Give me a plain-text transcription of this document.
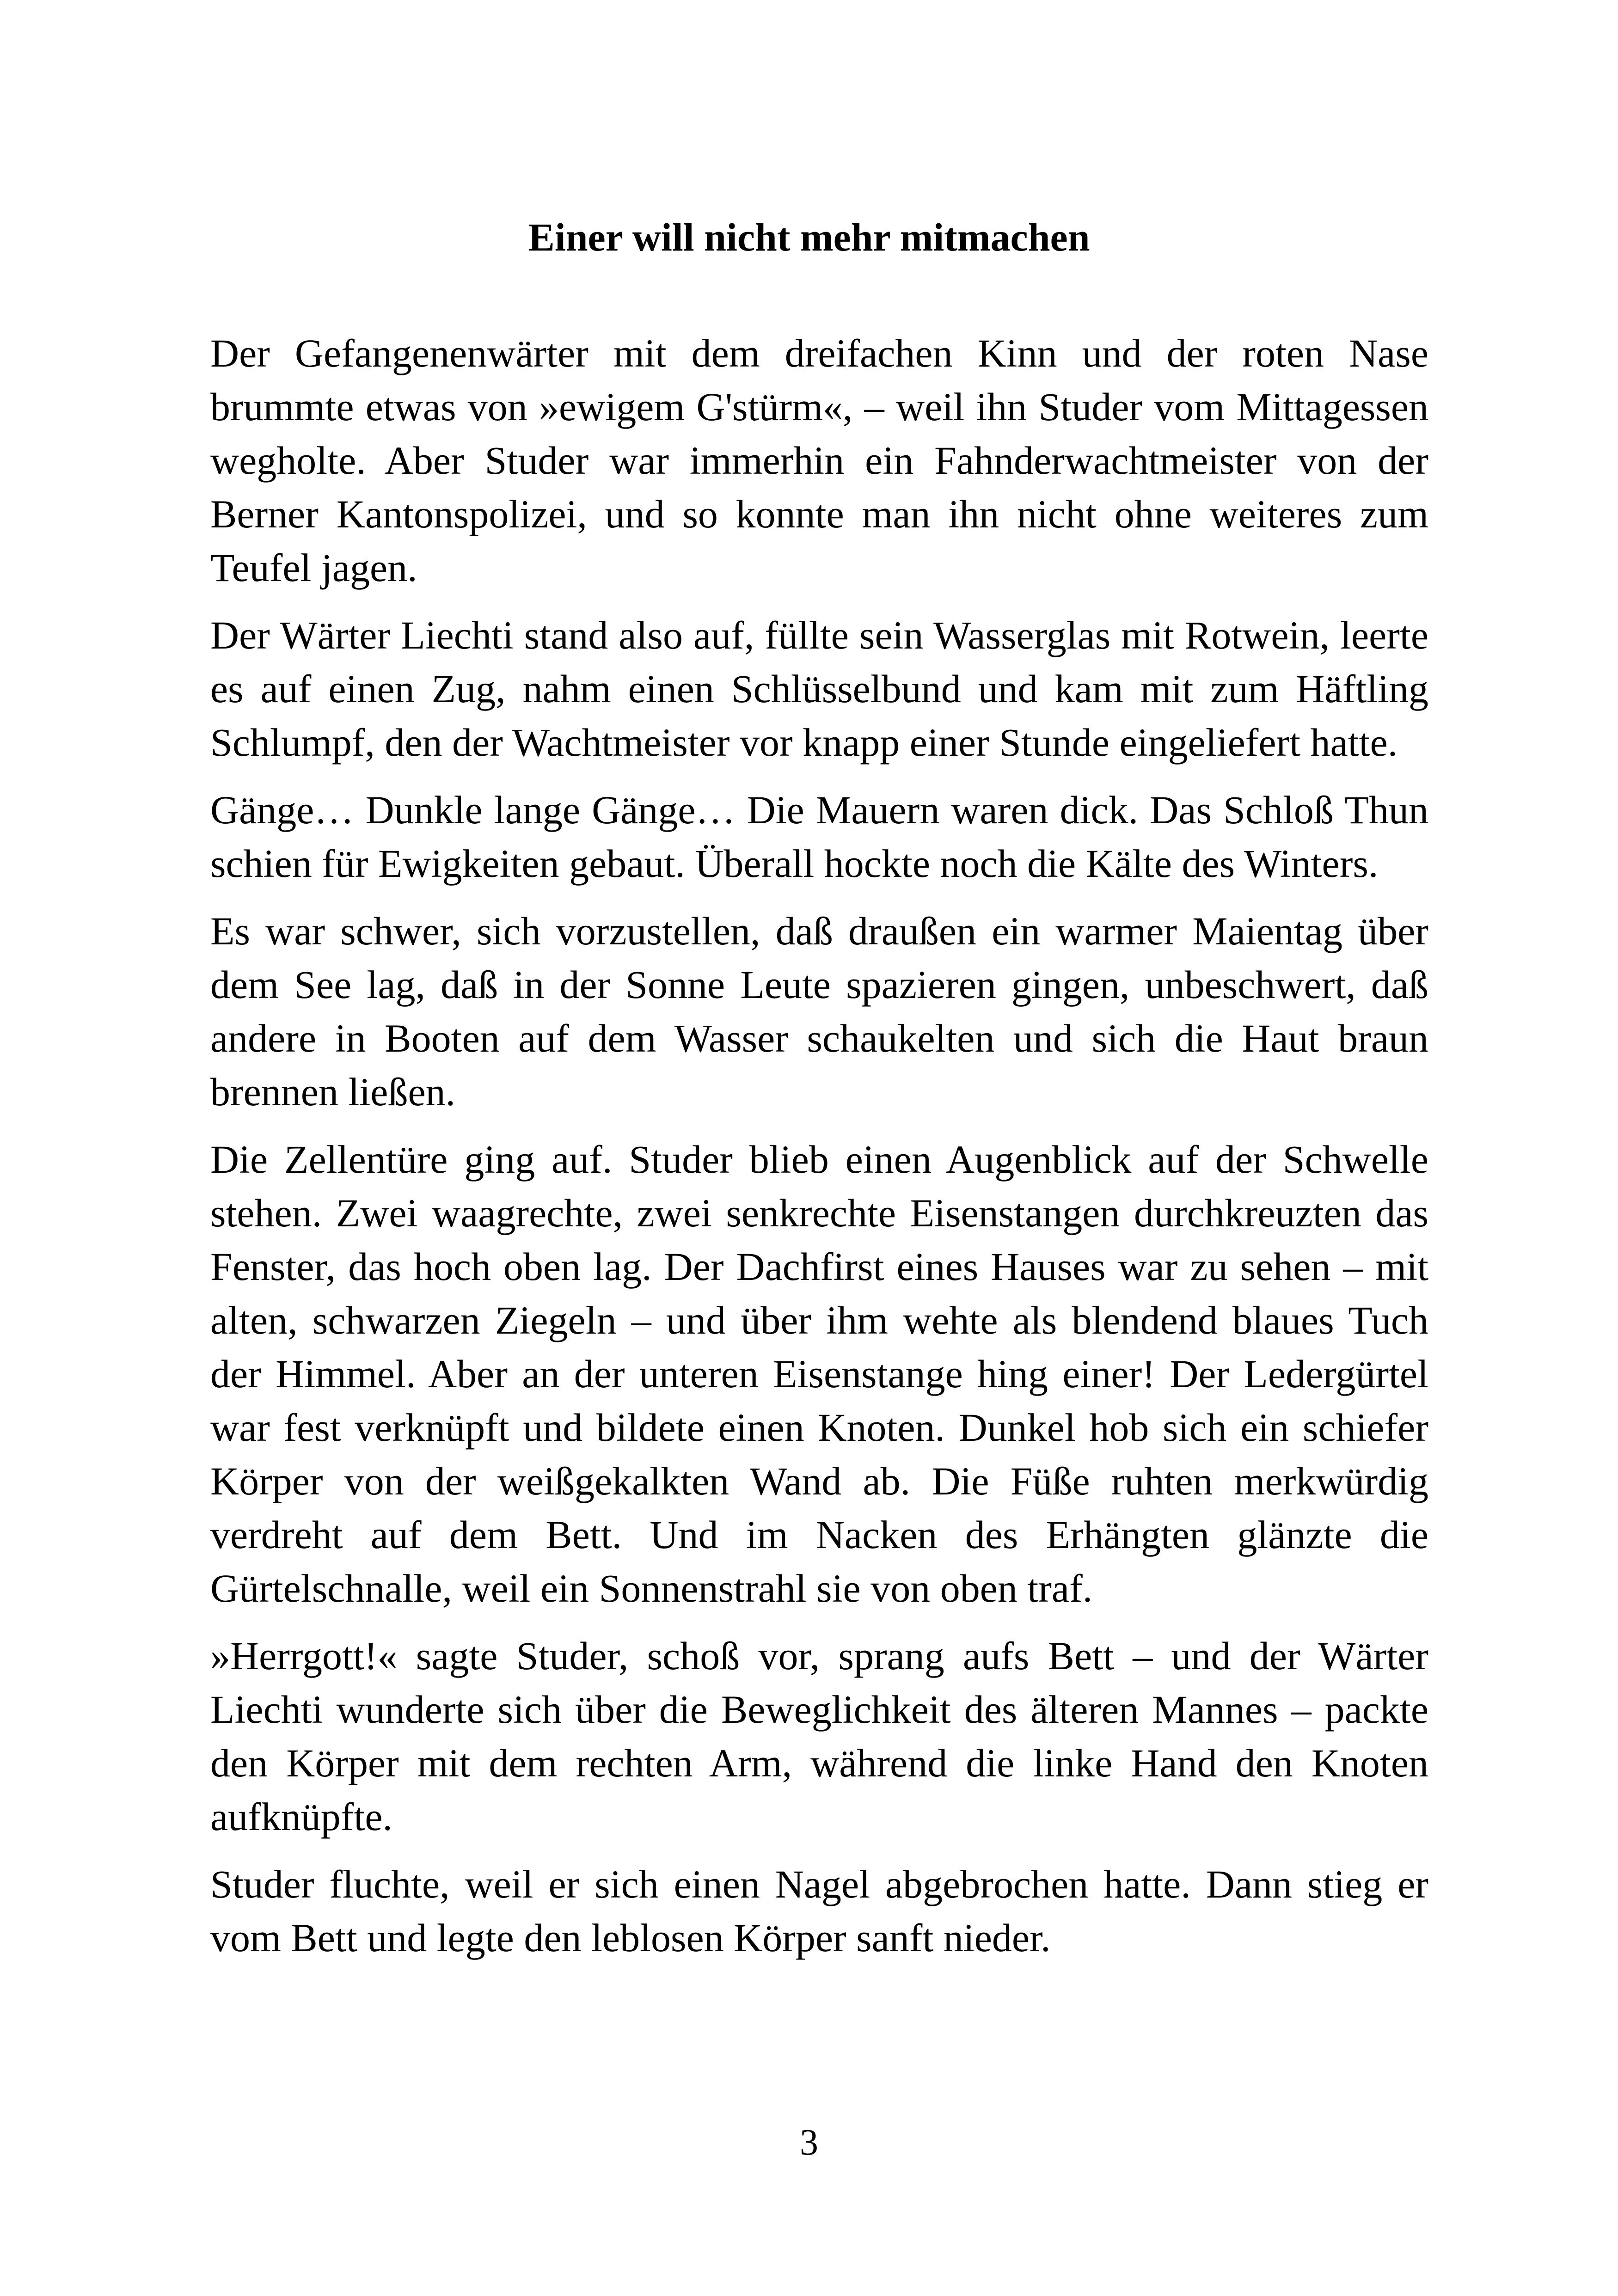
Einer will nicht mehr mitmachen

Der Gefangenenwärter mit dem dreifachen Kinn und der roten Nase brummte etwas von »ewigem G'stürm«, – weil ihn Studer vom Mittagessen wegholte. Aber Studer war immerhin ein Fahnderwachtmeister von der Berner Kantonspolizei, und so konnte man ihn nicht ohne weiteres zum Teufel jagen.

Der Wärter Liechti stand also auf, füllte sein Wasserglas mit Rotwein, leerte es auf einen Zug, nahm einen Schlüsselbund und kam mit zum Häftling Schlumpf, den der Wachtmeister vor knapp einer Stunde eingeliefert hatte.

Gänge… Dunkle lange Gänge… Die Mauern waren dick. Das Schloß Thun schien für Ewigkeiten gebaut. Überall hockte noch die Kälte des Winters.

Es war schwer, sich vorzustellen, daß draußen ein warmer Maientag über dem See lag, daß in der Sonne Leute spazieren gingen, unbeschwert, daß andere in Booten auf dem Wasser schaukelten und sich die Haut braun brennen ließen.

Die Zellentüre ging auf. Studer blieb einen Augenblick auf der Schwelle stehen. Zwei waagrechte, zwei senkrechte Eisenstangen durchkreuzten das Fenster, das hoch oben lag. Der Dachfirst eines Hauses war zu sehen – mit alten, schwarzen Ziegeln – und über ihm wehte als blendend blaues Tuch der Himmel. Aber an der unteren Eisenstange hing einer! Der Ledergürtel war fest verknüpft und bildete einen Knoten. Dunkel hob sich ein schiefer Körper von der weißgekalkten Wand ab. Die Füße ruhten merkwürdig verdreht auf dem Bett. Und im Nacken des Erhängten glänzte die Gürtelschnalle, weil ein Sonnenstrahl sie von oben traf.

»Herrgott!« sagte Studer, schoß vor, sprang aufs Bett – und der Wärter Liechti wunderte sich über die Beweglichkeit des älteren Mannes – packte den Körper mit dem rechten Arm, während die linke Hand den Knoten aufknüpfte.

Studer fluchte, weil er sich einen Nagel abgebrochen hatte. Dann stieg er vom Bett und legte den leblosen Körper sanft nieder.

3
